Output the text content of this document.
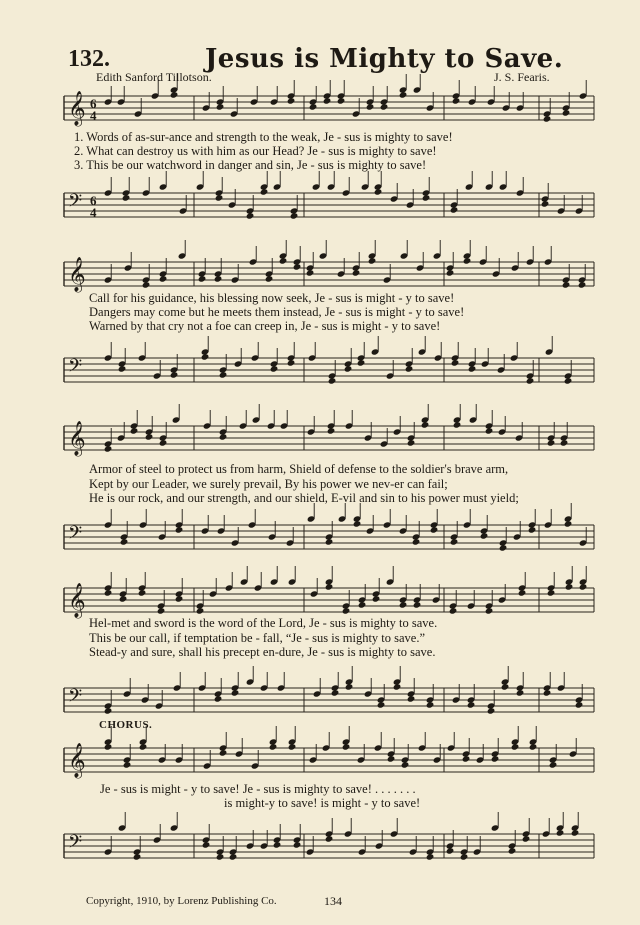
132.	Jesus is Mighty to Save.
Edith Sanford Tillotson.	J. S. Fearis.
𝄞 6
4
1. Words of as-sur-ance and strength to the weak, Je - sus is mighty to save!
2. What can destroy us with him as our Head? Je - sus is mighty to save!
3. This be our watchword in danger and sin, Je - sus is mighty to save!
𝄢 6
4
𝄞
Call for his guidance, his blessing now seek, Je - sus is might - y to save!
Dangers may come but he meets them instead, Je - sus is might - y to save!
Warned by that cry not a foe can creep in, Je - sus is might - y to save!
𝄢
𝄞
Armor of steel to protect us from harm, Shield of defense to the soldier's brave arm,
Kept by our Leader, we surely prevail, By his power we nev-er can fail;
He is our rock, and our strength, and our shield, E-vil and sin to his power must yield;
𝄢
𝄞
Hel-met and sword is the word of the Lord, Je - sus is mighty to save.
This be our call, if temptation be - fall, “Je - sus is mighty to save.”
Stead-y and sure, shall his precept en-dure, Je - sus is mighty to save.
𝄢
CHORUS.
𝄞
Je - sus is might - y to save! Je - sus is mighty to save! . . . . . . .
is might-y to save! is might - y to save!
𝄢
Copyright, 1910, by Lorenz Publishing Co.	134
